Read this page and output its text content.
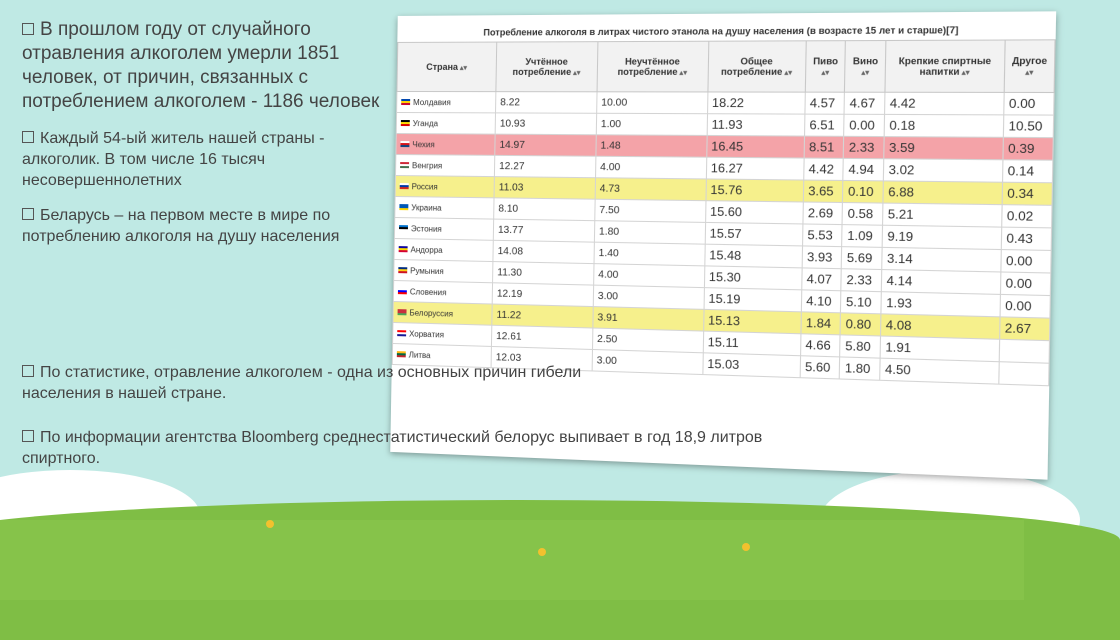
Потребление алкоголя в литрах чистого этанола на душу населения (в возрасте 15 лет и старше)[7]
Страна ▴▾	Учтённое потребление ▴▾	Неучтённое потребление ▴▾	Общее потребление ▴▾	Пиво ▴▾	Вино ▴▾	Крепкие спиртные напитки ▴▾	Другое ▴▾
Молдавия	8.22	10.00	18.22	4.57	4.67	4.42	0.00
Уганда	10.93	1.00	11.93	6.51	0.00	0.18	10.50
Чехия	14.97	1.48	16.45	8.51	2.33	3.59	0.39
Венгрия	12.27	4.00	16.27	4.42	4.94	3.02	0.14
Россия	11.03	4.73	15.76	3.65	0.10	6.88	0.34
Украина	8.10	7.50	15.60	2.69	0.58	5.21	0.02
Эстония	13.77	1.80	15.57	5.53	1.09	9.19	0.43
Андорра	14.08	1.40	15.48	3.93	5.69	3.14	0.00
Румыния	11.30	4.00	15.30	4.07	2.33	4.14	0.00
Словения	12.19	3.00	15.19	4.10	5.10	1.93	0.00
Белоруссия	11.22	3.91	15.13	1.84	0.80	4.08	2.67
Хорватия	12.61	2.50	15.11	4.66	5.80	1.91	
Литва	12.03	3.00	15.03	5.60	1.80	4.50	

В прошлом году от случайного отравления алкоголем умерли 1851 человек, от причин, связанных с потреблением алкоголем - 1186 человек

Каждый 54-ый житель нашей страны - алкоголик. В том числе 16 тысяч несовершеннолетних

Беларусь – на первом месте в мире по потреблению алкоголя на душу населения

По статистике, отравление алкоголем - одна из основных причин гибели населения в нашей стране.
По информации агентства Bloomberg среднестатистический белорус выпивает в год 18,9 литров спиртного.
